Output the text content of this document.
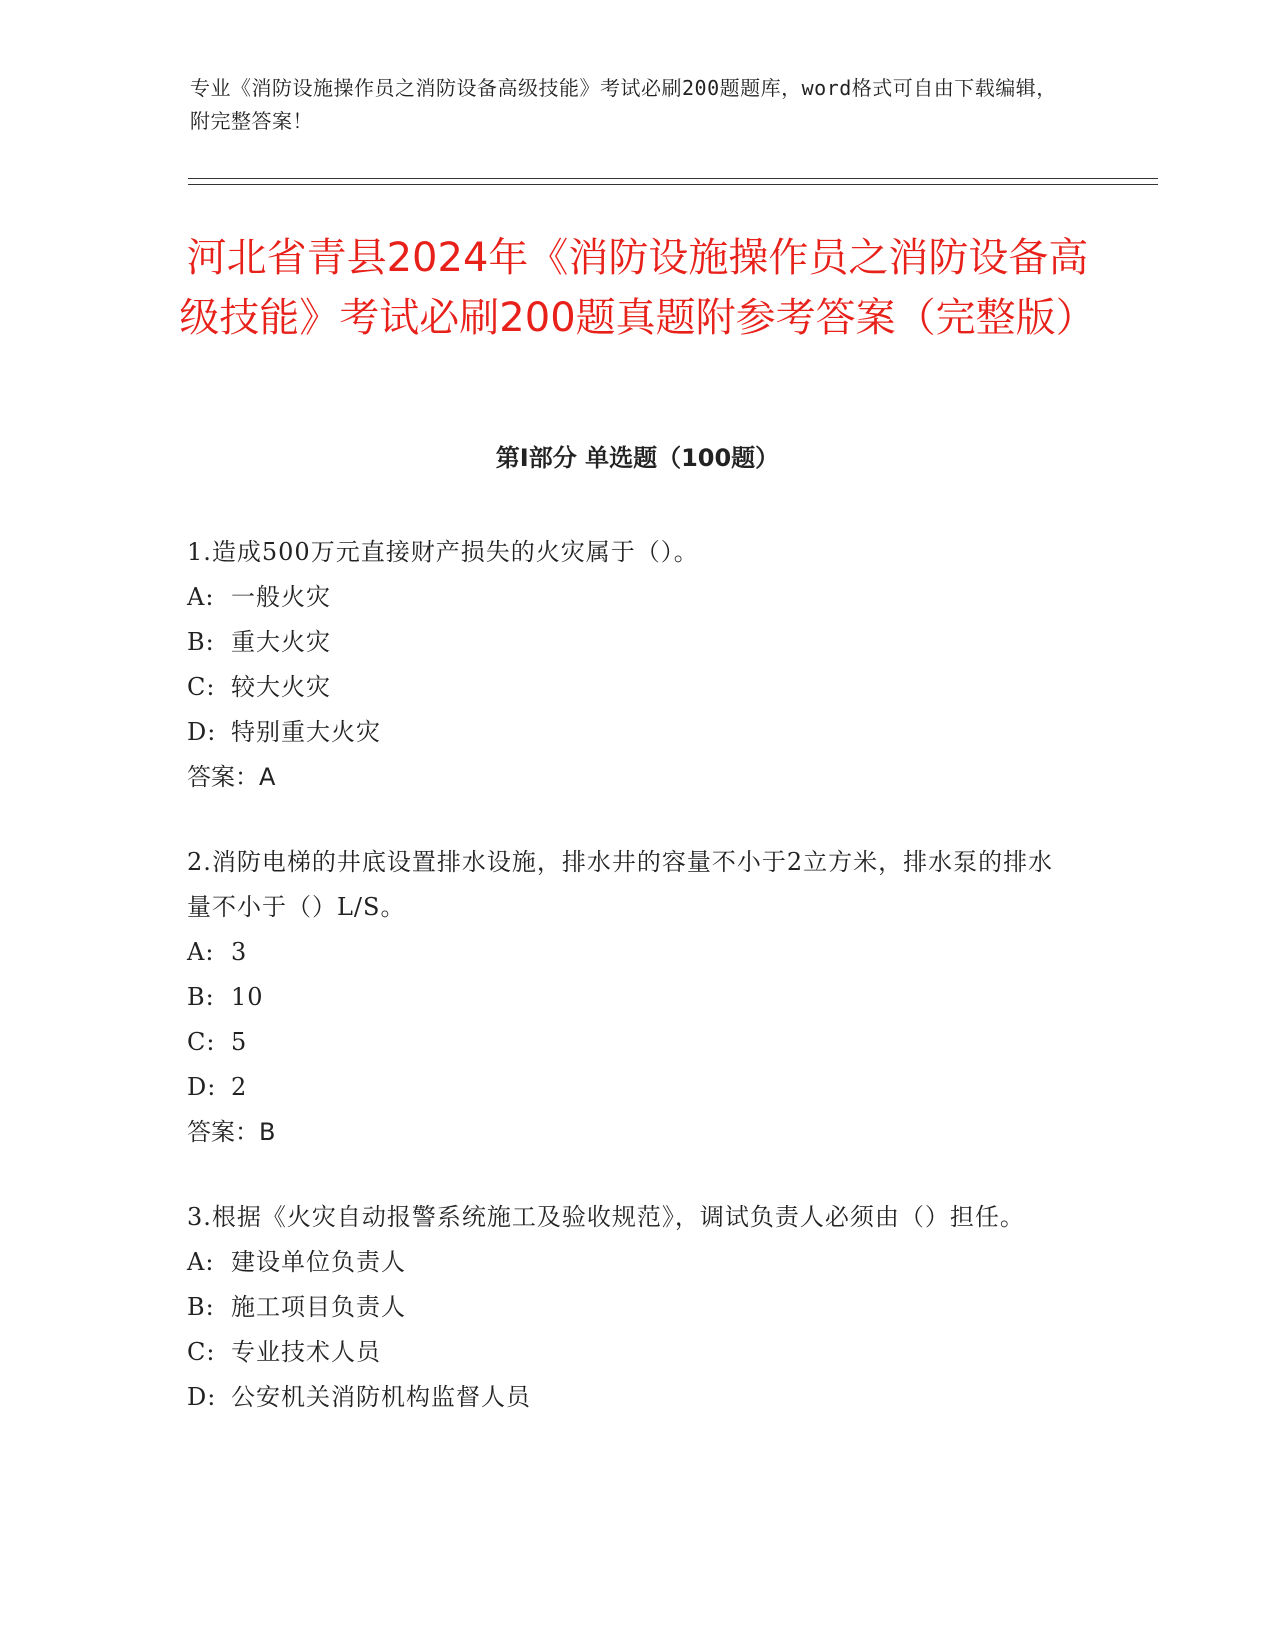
专业《消防设施操作员之消防设备高级技能》考试必刷200题题库，word格式可自由下载编辑，附完整答案！
河北省青县2024年《消防设施操作员之消防设备高级技能》考试必刷200题真题附参考答案（完整版）
第Ⅰ部分 单选题（100题）
1.造成500万元直接财产损失的火灾属于（）。
A: 一般火灾
B: 重大火灾
C: 较大火灾
D: 特别重大火灾
答案：A
2.消防电梯的井底设置排水设施，排水井的容量不小于2立方米，排水泵的排水量不小于（）L/S。
A: 3
B: 10
C: 5
D: 2
答案：B
3.根据《火灾自动报警系统施工及验收规范》，调试负责人必须由（）担任。
A: 建设单位负责人
B: 施工项目负责人
C: 专业技术人员
D: 公安机关消防机构监督人员
